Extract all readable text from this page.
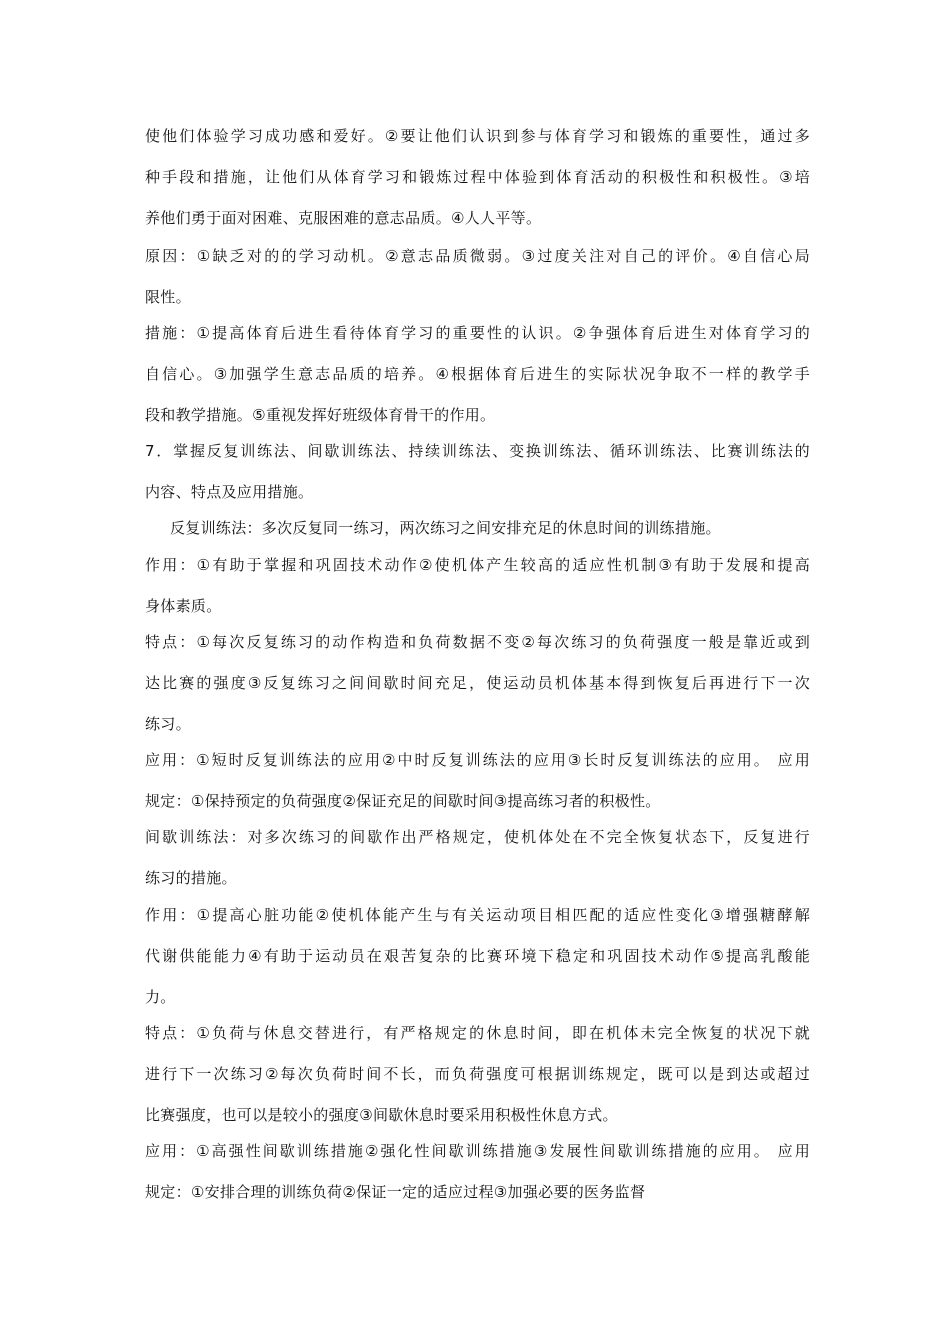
使他们体验学习成功感和爱好。②要让他们认识到参与体育学习和锻炼的重要性，通过多
种手段和措施，让他们从体育学习和锻炼过程中体验到体育活动的积极性和积极性。③培
养他们勇于面对困难、克服困难的意志品质。④人人平等。
原因：①缺乏对的的学习动机。②意志品质微弱。③过度关注对自己的评价。④自信心局
限性。
措施：①提高体育后进生看待体育学习的重要性的认识。②争强体育后进生对体育学习的
自信心。③加强学生意志品质的培养。④根据体育后进生的实际状况争取不一样的教学手
段和教学措施。⑤重视发挥好班级体育骨干的作用。
7．掌握反复训练法、间歇训练法、持续训练法、变换训练法、循环训练法、比赛训练法的
内容、特点及应用措施。
反复训练法：多次反复同一练习，两次练习之间安排充足的休息时间的训练措施。
作用：①有助于掌握和巩固技术动作②使机体产生较高的适应性机制③有助于发展和提高
身体素质。
特点：①每次反复练习的动作构造和负荷数据不变②每次练习的负荷强度一般是靠近或到
达比赛的强度③反复练习之间间歇时间充足，使运动员机体基本得到恢复后再进行下一次
练习。
应用：①短时反复训练法的应用②中时反复训练法的应用③长时反复训练法的应用。 应用
规定：①保持预定的负荷强度②保证充足的间歇时间③提高练习者的积极性。
间歇训练法：对多次练习的间歇作出严格规定，使机体处在不完全恢复状态下，反复进行
练习的措施。
作用：①提高心脏功能②使机体能产生与有关运动项目相匹配的适应性变化③增强糖酵解
代谢供能能力④有助于运动员在艰苦复杂的比赛环境下稳定和巩固技术动作⑤提高乳酸能
力。
特点：①负荷与休息交替进行，有严格规定的休息时间，即在机体未完全恢复的状况下就
进行下一次练习②每次负荷时间不长，而负荷强度可根据训练规定，既可以是到达或超过
比赛强度，也可以是较小的强度③间歇休息时要采用积极性休息方式。
应用：①高强性间歇训练措施②强化性间歇训练措施③发展性间歇训练措施的应用。 应用
规定：①安排合理的训练负荷②保证一定的适应过程③加强必要的医务监督
